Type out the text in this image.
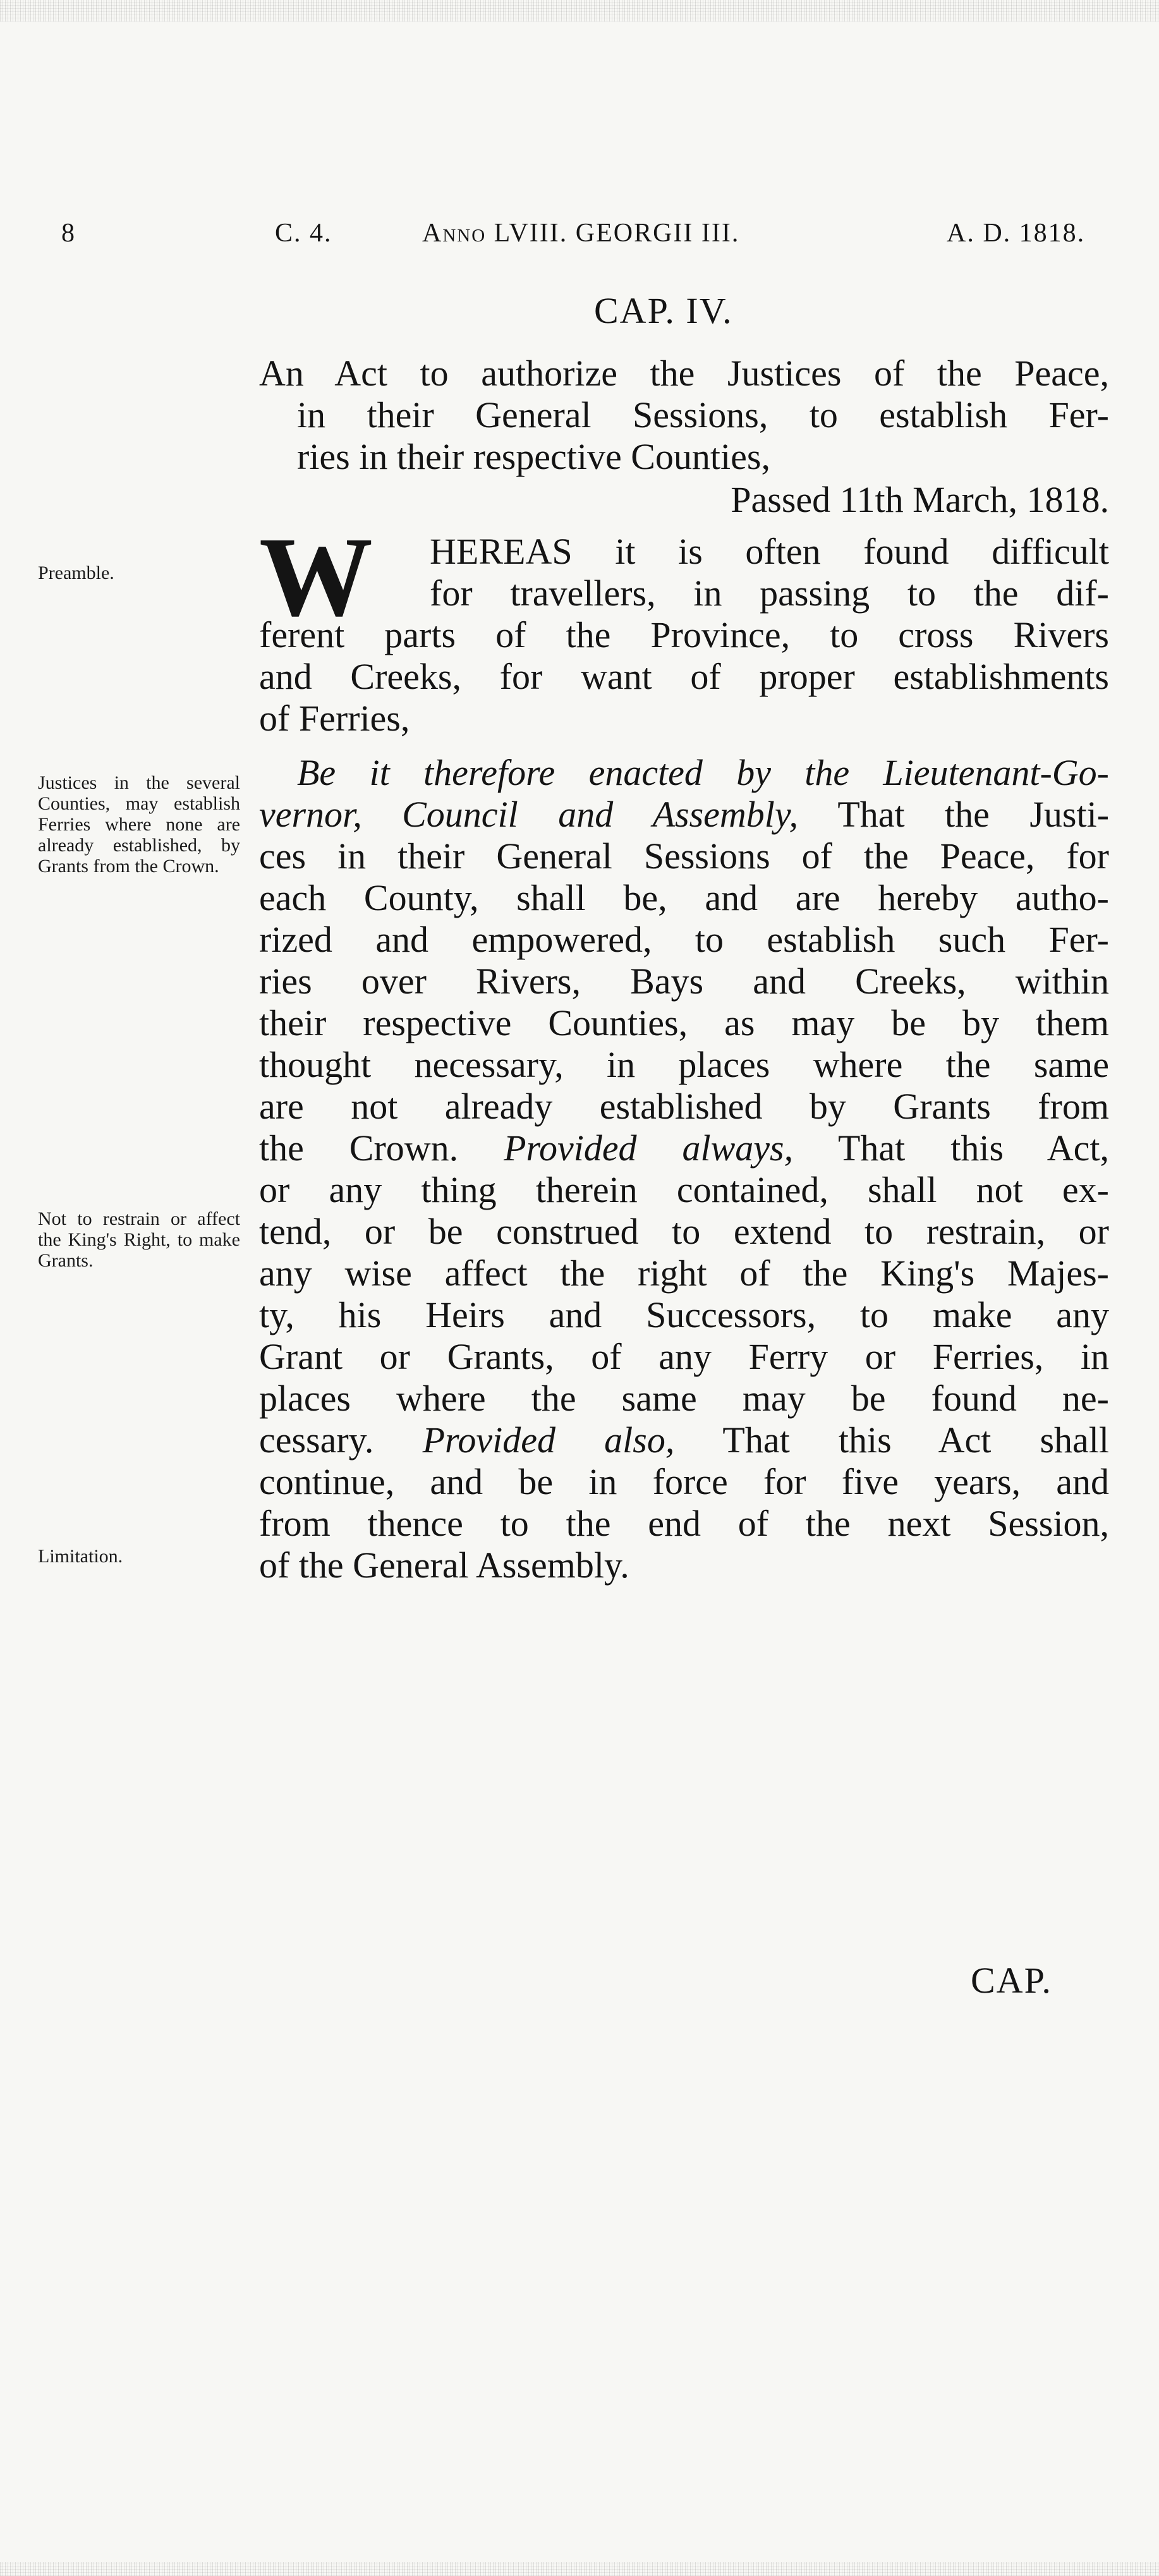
8	C. 4.	Anno LVIII. GEORGII III.	A. D. 1818.
CAP. IV.
An Act to authorize the Justices of the Peace,
in their General Sessions, to establish Fer-
ries in their respective Counties,
Passed 11th March, 1818.
W HEREAS it is often found difficult
for travellers, in passing to the dif-
ferent parts of the Province, to cross Rivers
and Creeks, for want of proper establishments
of Ferries,
Be it therefore enacted by the Lieutenant-Go-
vernor, Council and Assembly, That the Justi-
ces in their General Sessions of the Peace, for
each County, shall be, and are hereby autho-
rized and empowered, to establish such Fer-
ries over Rivers, Bays and Creeks, within
their respective Counties, as may be by them
thought necessary, in places where the same
are not already established by Grants from
the Crown. Provided always, That this Act,
or any thing therein contained, shall not ex-
tend, or be construed to extend to restrain, or
any wise affect the right of the King's Majes-
ty, his Heirs and Successors, to make any
Grant or Grants, of any Ferry or Ferries, in
places where the same may be found ne-
cessary. Provided also, That this Act shall
continue, and be in force for five years, and
from thence to the end of the next Session,
of the General Assembly.
Preamble.
Justices in the several Counties, may establish Ferries where none are already established, by Grants from the Crown.
Not to restrain or affect the King's Right, to make Grants.
Limitation.
CAP.
